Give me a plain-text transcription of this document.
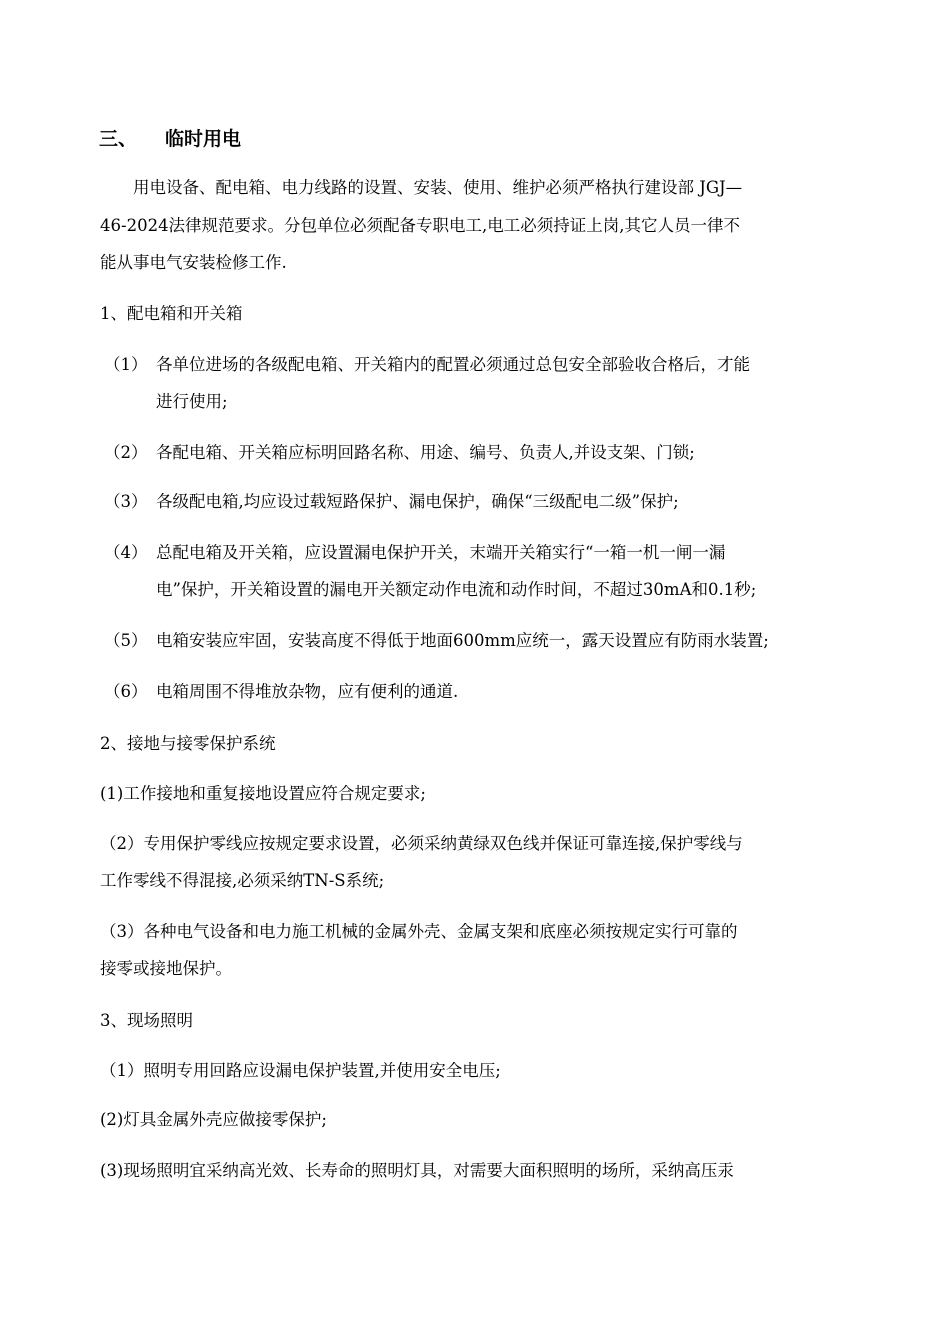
三、 临时用电
用电设备、配电箱、电力线路的设置、安装、使用、维护必须严格执行建设部 JGJ—
46-2024法律规范要求。分包单位必须配备专职电工,电工必须持证上岗,其它人员一律不
能从事电气安装检修工作.
1、配电箱和开关箱
（1） 各单位进场的各级配电箱、开关箱内的配置必须通过总包安全部验收合格后，才能
进行使用;
（2） 各配电箱、开关箱应标明回路名称、用途、编号、负责人,并设支架、门锁;
（3） 各级配电箱,均应设过载短路保护、漏电保护，确保“三级配电二级”保护;
（4） 总配电箱及开关箱，应设置漏电保护开关，末端开关箱实行“一箱一机一闸一漏
电”保护，开关箱设置的漏电开关额定动作电流和动作时间，不超过30mA和0.1秒;
（5） 电箱安装应牢固，安装高度不得低于地面600mm应统一，露天设置应有防雨水装置;
（6） 电箱周围不得堆放杂物，应有便利的通道.
2、接地与接零保护系统
(1)工作接地和重复接地设置应符合规定要求;
（2）专用保护零线应按规定要求设置，必须采纳黄绿双色线并保证可靠连接,保护零线与
工作零线不得混接,必须采纳TN-S系统;
（3）各种电气设备和电力施工机械的金属外壳、金属支架和底座必须按规定实行可靠的
接零或接地保护。
3、现场照明
（1）照明专用回路应设漏电保护装置,并使用安全电压;
(2)灯具金属外壳应做接零保护;
(3)现场照明宜采纳高光效、长寿命的照明灯具，对需要大面积照明的场所，采纳高压汞
